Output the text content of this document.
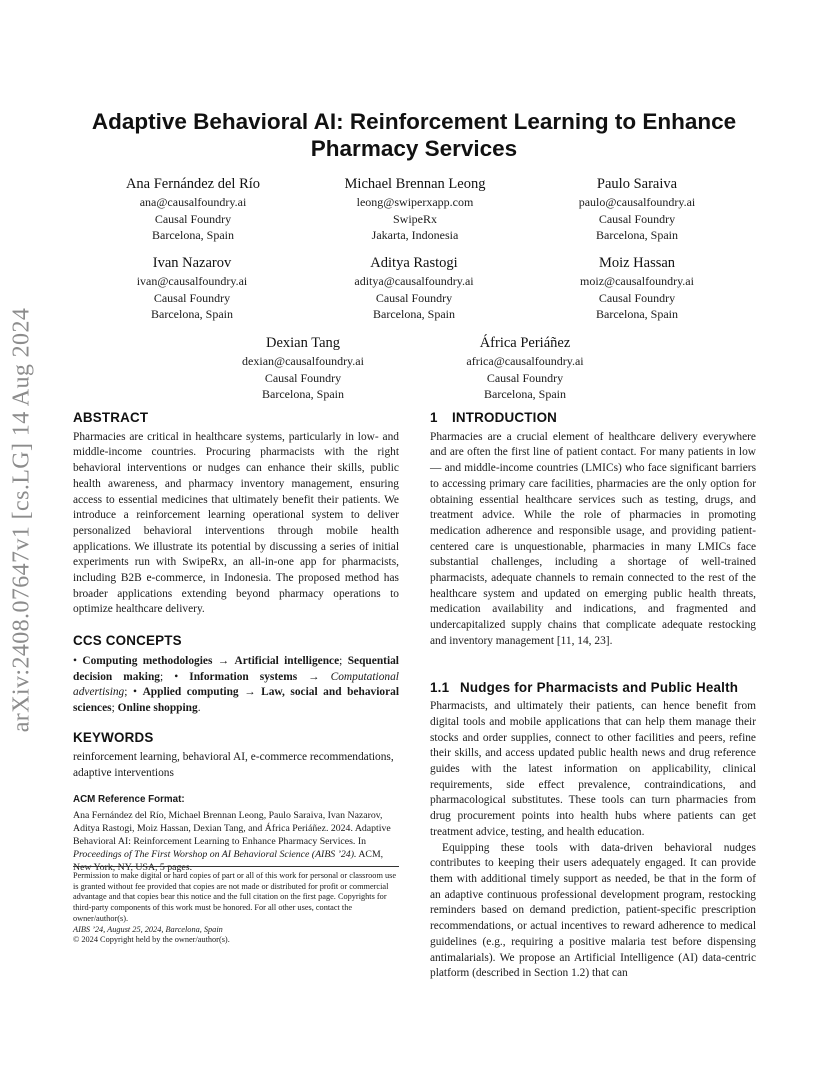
arXiv:2408.07647v1 [cs.LG] 14 Aug 2024
Adaptive Behavioral AI: Reinforcement Learning to Enhance
Pharmacy Services
Ana Fernández del Río
ana@causalfoundry.ai
Causal Foundry
Barcelona, Spain
Michael Brennan Leong
leong@swiperxapp.com
SwipeRx
Jakarta, Indonesia
Paulo Saraiva
paulo@causalfoundry.ai
Causal Foundry
Barcelona, Spain
Ivan Nazarov
ivan@causalfoundry.ai
Causal Foundry
Barcelona, Spain
Aditya Rastogi
aditya@causalfoundry.ai
Causal Foundry
Barcelona, Spain
Moiz Hassan
moiz@causalfoundry.ai
Causal Foundry
Barcelona, Spain
Dexian Tang
dexian@causalfoundry.ai
Causal Foundry
Barcelona, Spain
África Periáñez
africa@causalfoundry.ai
Causal Foundry
Barcelona, Spain
ABSTRACT

Pharmacies are critical in healthcare systems, particularly in low- and middle-income countries. Procuring pharmacists with the right behavioral interventions or nudges can enhance their skills, public health awareness, and pharmacy inventory management, ensuring access to essential medicines that ultimately benefit their patients. We introduce a reinforcement learning operational system to deliver personalized behavioral interventions through mobile health applications. We illustrate its potential by discussing a series of initial experiments run with SwipeRx, an all-in-one app for pharmacists, including B2B e-commerce, in Indonesia. The proposed method has broader applications extending beyond pharmacy operations to optimize healthcare delivery.

CCS CONCEPTS

• Computing methodologies → Artificial intelligence; Sequential decision making; • Information systems → Computational advertising; • Applied computing → Law, social and behavioral sciences; Online shopping.

KEYWORDS

reinforcement learning, behavioral AI, e-commerce recommendations, adaptive interventions

ACM Reference Format:
Ana Fernández del Río, Michael Brennan Leong, Paulo Saraiva, Ivan Nazarov, Aditya Rastogi, Moiz Hassan, Dexian Tang, and África Periáñez. 2024. Adaptive Behavioral AI: Reinforcement Learning to Enhance Pharmacy Services. In Proceedings of The First Worshop on AI Behavioral Science (AIBS ’24). ACM, New York, NY, USA, 5 pages.
Permission to make digital or hard copies of part or all of this work for personal or classroom use is granted without fee provided that copies are not made or distributed for profit or commercial advantage and that copies bear this notice and the full citation on the first page. Copyrights for third-party components of this work must be honored. For all other uses, contact the owner/author(s).
AIBS ’24, August 25, 2024, Barcelona, Spain
© 2024 Copyright held by the owner/author(s).
1 INTRODUCTION

Pharmacies are a crucial element of healthcare delivery everywhere and are often the first line of patient contact. For many patients in low— and middle-income countries (LMICs) who face significant barriers to accessing primary care facilities, pharmacies are the only option for obtaining essential healthcare services such as testing, drugs, and treatment advice. While the role of pharmacies in promoting medication adherence and responsible usage, and providing patient-centered care is unquestionable, pharmacies in many LMICs face substantial challenges, including a shortage of well-trained pharmacists, adequate channels to remain connected to the rest of the healthcare system and updated on emerging public health threats, medication availability and indications, and fragmented and undercapitalized supply chains that complicate adequate restocking and inventory management [11, 14, 23].

1.1 Nudges for Pharmacists and Public Health

Pharmacists, and ultimately their patients, can hence benefit from digital tools and mobile applications that can help them manage their stocks and order supplies, connect to other facilities and peers, refine their skills, and access updated public health news and drug reference guides with the latest information on applicability, clinical requirements, side effect prevalence, contraindications, and pharmacological substitutes. These tools can turn pharmacies from drug procurement points into health hubs where patients can get treatment advice, testing, and health education.

Equipping these tools with data-driven behavioral nudges contributes to keeping their users adequately engaged. It can provide them with additional timely support as needed, be that in the form of an adaptive continuous professional development program, restocking reminders based on demand prediction, patient-specific prescription recommendations, or actual incentives to reward adherence to medical guidelines (e.g., requiring a positive malaria test before dispensing antimalarials). We propose an Artificial Intelligence (AI) data-centric platform (described in Section 1.2) that can
